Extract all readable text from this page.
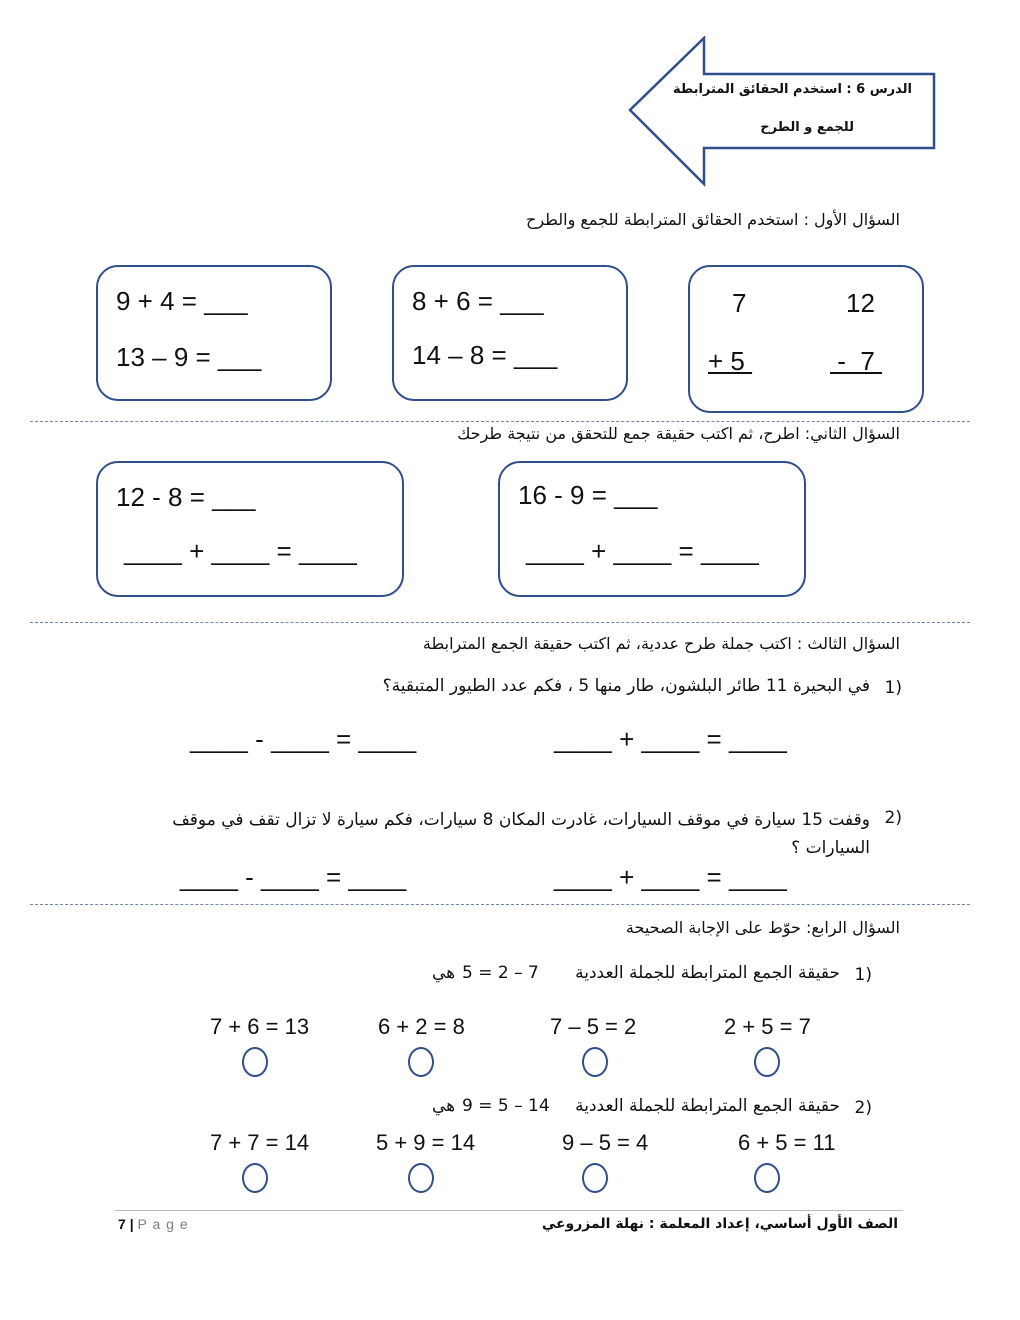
الدرس 6 : استخدم الحقائق المترابطة
للجمع و الطرح
السؤال الأول : استخدم الحقائق المترابطة للجمع والطرح
9 + 4 = ___
13 – 9 = ___
8 + 6 = ___
14 – 8 = ___
7	12
+ 5	-  7
السؤال الثاني: اطرح، ثم اكتب حقيقة جمع للتحقق من نتيجة طرحك
12 - 8 = ___
____ + ____ = ____
16 - 9 = ___
____ + ____ = ____
السؤال الثالث : اكتب جملة طرح عددية، ثم اكتب حقيقة الجمع المترابطة
1)
في البحيرة 11 طائر البلشون، طار منها 5 ، فكم عدد الطيور المتبقية؟
____ - ____ = ____	____ + ____ = ____
2)
وقفت 15 سيارة في موقف السيارات، غادرت المكان 8 سيارات، فكم سيارة لا تزال تقف في موقف السيارات ؟
____ - ____ = ____	____ + ____ = ____
السؤال الرابع: حوّط على الإجابة الصحيحة
1)
حقيقة الجمع المترابطة للجملة العددية
7 – 2 = 5
هي
7 + 6 = 13	6 + 2 = 8	7 – 5 = 2	2 + 5 = 7
2)
حقيقة الجمع المترابطة للجملة العددية
14 – 5 = 9
هي
7 + 7 = 14	5 + 9 = 14	9 – 5 = 4	6 + 5 = 11
7 | P a g e	الصف الأول أساسي، إعداد المعلمة : نهلة المزروعي
